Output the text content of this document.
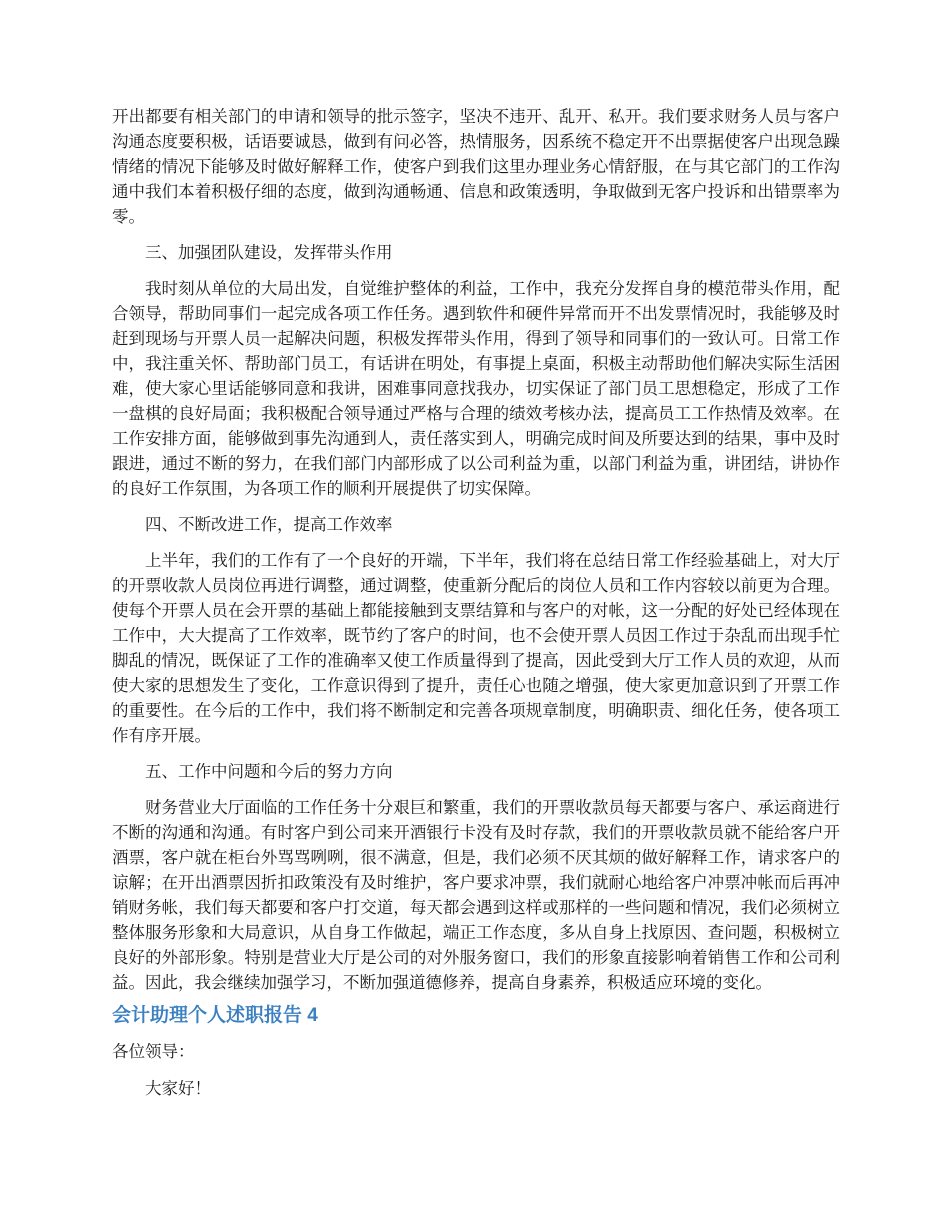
开出都要有相关部门的申请和领导的批示签字，坚决不违开、乱开、私开。我们要求财务人员与客户沟通态度要积极，话语要诚恳，做到有问必答，热情服务，因系统不稳定开不出票据使客户出现急躁情绪的情况下能够及时做好解释工作，使客户到我们这里办理业务心情舒服，在与其它部门的工作沟通中我们本着积极仔细的态度，做到沟通畅通、信息和政策透明，争取做到无客户投诉和出错票率为零。

三、加强团队建设，发挥带头作用

我时刻从单位的大局出发，自觉维护整体的利益，工作中，我充分发挥自身的模范带头作用，配合领导，帮助同事们一起完成各项工作任务。遇到软件和硬件异常而开不出发票情况时，我能够及时赶到现场与开票人员一起解决问题，积极发挥带头作用，得到了领导和同事们的一致认可。日常工作中，我注重关怀、帮助部门员工，有话讲在明处，有事提上桌面，积极主动帮助他们解决实际生活困难，使大家心里话能够同意和我讲，困难事同意找我办，切实保证了部门员工思想稳定，形成了工作一盘棋的良好局面；我积极配合领导通过严格与合理的绩效考核办法，提高员工工作热情及效率。在工作安排方面，能够做到事先沟通到人，责任落实到人，明确完成时间及所要达到的结果，事中及时跟进，通过不断的努力，在我们部门内部形成了以公司利益为重，以部门利益为重，讲团结，讲协作的良好工作氛围，为各项工作的顺利开展提供了切实保障。

四、不断改进工作，提高工作效率

上半年，我们的工作有了一个良好的开端，下半年，我们将在总结日常工作经验基础上，对大厅的开票收款人员岗位再进行调整，通过调整，使重新分配后的岗位人员和工作内容较以前更为合理。使每个开票人员在会开票的基础上都能接触到支票结算和与客户的对帐，这一分配的好处已经体现在工作中，大大提高了工作效率，既节约了客户的时间，也不会使开票人员因工作过于杂乱而出现手忙脚乱的情况，既保证了工作的准确率又使工作质量得到了提高，因此受到大厅工作人员的欢迎，从而使大家的思想发生了变化，工作意识得到了提升，责任心也随之增强，使大家更加意识到了开票工作的重要性。在今后的工作中，我们将不断制定和完善各项规章制度，明确职责、细化任务，使各项工作有序开展。

五、工作中问题和今后的努力方向

财务营业大厅面临的工作任务十分艰巨和繁重，我们的开票收款员每天都要与客户、承运商进行不断的沟通和沟通。有时客户到公司来开酒银行卡没有及时存款，我们的开票收款员就不能给客户开酒票，客户就在柜台外骂骂咧咧，很不满意，但是，我们必须不厌其烦的做好解释工作，请求客户的谅解；在开出酒票因折扣政策没有及时维护，客户要求冲票，我们就耐心地给客户冲票冲帐而后再冲销财务帐，我们每天都要和客户打交道，每天都会遇到这样或那样的一些问题和情况，我们必须树立整体服务形象和大局意识，从自身工作做起，端正工作态度，多从自身上找原因、查问题，积极树立良好的外部形象。特别是营业大厅是公司的对外服务窗口，我们的形象直接影响着销售工作和公司利益。因此，我会继续加强学习，不断加强道德修养，提高自身素养，积极适应环境的变化。

会计助理个人述职报告 4

各位领导：

大家好！
